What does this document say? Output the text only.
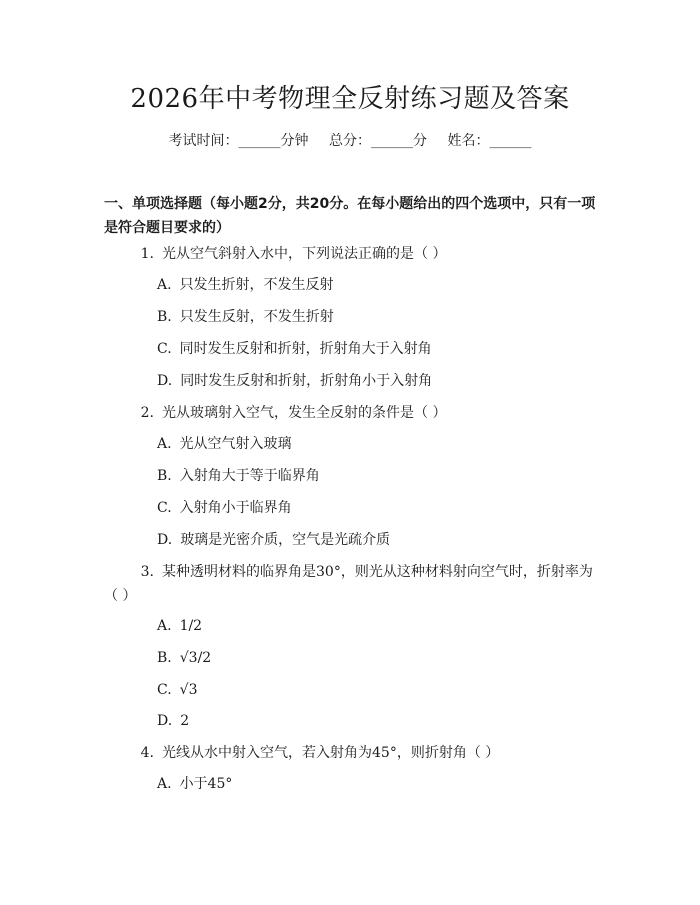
2026年中考物理全反射练习题及答案
考试时间：______分钟 总分：______分 姓名：______
一、单项选择题（每小题2分，共20分。在每小题给出的四个选项中，只有一项是符合题目要求的）
1. 光从空气斜射入水中，下列说法正确的是（ ）
A. 只发生折射，不发生反射
B. 只发生反射，不发生折射
C. 同时发生反射和折射，折射角大于入射角
D. 同时发生反射和折射，折射角小于入射角
2. 光从玻璃射入空气，发生全反射的条件是（ ）
A. 光从空气射入玻璃
B. 入射角大于等于临界角
C. 入射角小于临界角
D. 玻璃是光密介质，空气是光疏介质
3. 某种透明材料的临界角是30°，则光从这种材料射向空气时，折射率为（ ）
A. 1/2
B. √3/2
C. √3
D. 2
4. 光线从水中射入空气，若入射角为45°，则折射角（ ）
A. 小于45°
